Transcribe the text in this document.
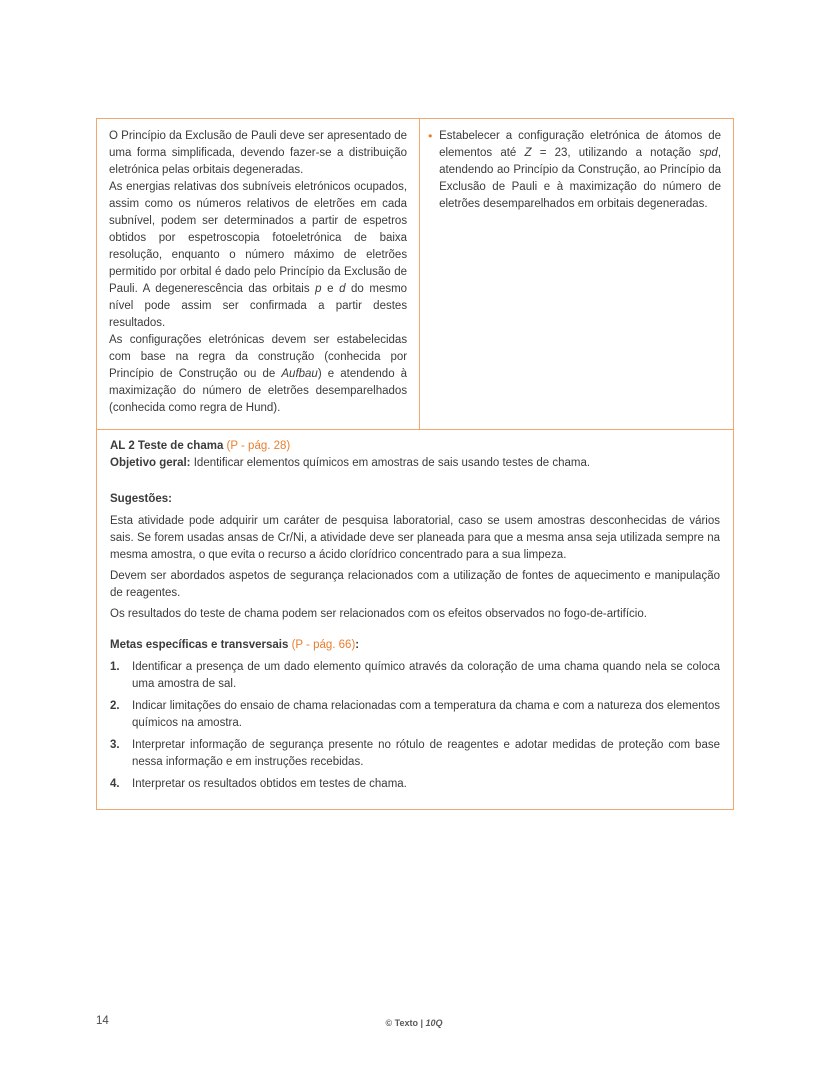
O Princípio da Exclusão de Pauli deve ser apresentado de uma forma simplificada, devendo fazer-se a distribuição eletrónica pelas orbitais degeneradas.

As energias relativas dos subníveis eletrónicos ocupados, assim como os números relativos de eletrões em cada subnível, podem ser determinados a partir de espetros obtidos por espetroscopia fotoeletrónica de baixa resolução, enquanto o número máximo de eletrões permitido por orbital é dado pelo Princípio da Exclusão de Pauli. A degenerescência das orbitais p e d do mesmo nível pode assim ser confirmada a partir destes resultados.

As configurações eletrónicas devem ser estabelecidas com base na regra da construção (conhecida por Princípio de Construção ou de Aufbau) e atendendo à maximização do número de eletrões desemparelhados (conhecida como regra de Hund).

• Estabelecer a configuração eletrónica de átomos de elementos até Z = 23, utilizando a notação spd, atendendo ao Princípio da Construção, ao Princípio da Exclusão de Pauli e à maximização do número de eletrões desemparelhados em orbitais degeneradas.

AL 2 Teste de chama (P - pág. 28)

Objetivo geral: Identificar elementos químicos em amostras de sais usando testes de chama.

Sugestões:

Esta atividade pode adquirir um caráter de pesquisa laboratorial, caso se usem amostras desconhecidas de vários sais. Se forem usadas ansas de Cr/Ni, a atividade deve ser planeada para que a mesma ansa seja utilizada sempre na mesma amostra, o que evita o recurso a ácido clorídrico concentrado para a sua limpeza.

Devem ser abordados aspetos de segurança relacionados com a utilização de fontes de aquecimento e manipulação de reagentes.

Os resultados do teste de chama podem ser relacionados com os efeitos observados no fogo-de-artifício.

Metas específicas e transversais (P - pág. 66):

1.	Identificar a presença de um dado elemento químico através da coloração de uma chama quando nela se coloca uma amostra de sal.
2.	Indicar limitações do ensaio de chama relacionadas com a temperatura da chama e com a natureza dos elementos químicos na amostra.
3.	Interpretar informação de segurança presente no rótulo de reagentes e adotar medidas de proteção com base nessa informação e em instruções recebidas.
4.	Interpretar os resultados obtidos em testes de chama.
14	© Texto | 10Q
